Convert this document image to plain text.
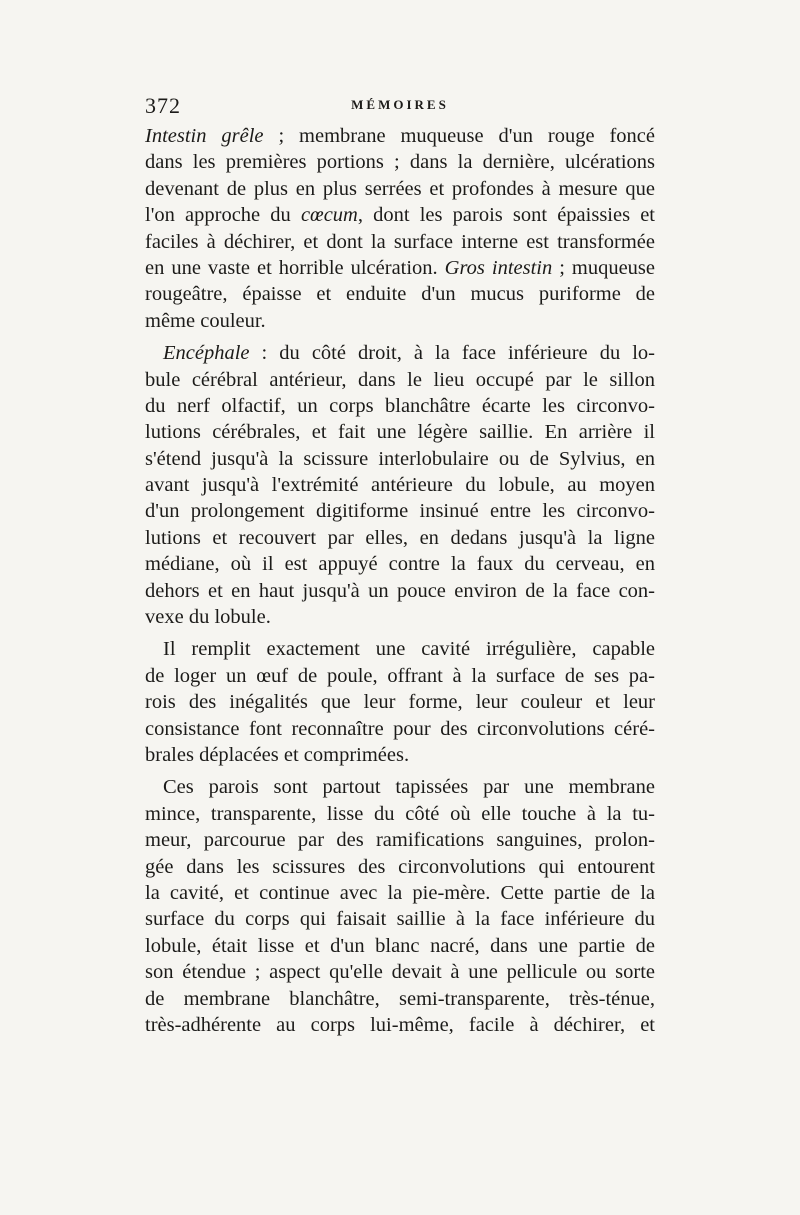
372	MÉMOIRES
Intestin grêle ; membrane muqueuse d'un rouge foncé
dans les premières portions ; dans la dernière, ulcérations
devenant de plus en plus serrées et profondes à mesure que
l'on approche du cœcum, dont les parois sont épaissies et
faciles à déchirer, et dont la surface interne est transformée
en une vaste et horrible ulcération. Gros intestin ; muqueuse
rougeâtre, épaisse et enduite d'un mucus puriforme de
même couleur.
Encéphale : du côté droit, à la face inférieure du lo-
bule cérébral antérieur, dans le lieu occupé par le sillon
du nerf olfactif, un corps blanchâtre écarte les circonvo-
lutions cérébrales, et fait une légère saillie. En arrière il
s'étend jusqu'à la scissure interlobulaire ou de Sylvius, en
avant jusqu'à l'extrémité antérieure du lobule, au moyen
d'un prolongement digitiforme insinué entre les circonvo-
lutions et recouvert par elles, en dedans jusqu'à la ligne
médiane, où il est appuyé contre la faux du cerveau, en
dehors et en haut jusqu'à un pouce environ de la face con-
vexe du lobule.
Il remplit exactement une cavité irrégulière, capable
de loger un œuf de poule, offrant à la surface de ses pa-
rois des inégalités que leur forme, leur couleur et leur
consistance font reconnaître pour des circonvolutions céré-
brales déplacées et comprimées.
Ces parois sont partout tapissées par une membrane
mince, transparente, lisse du côté où elle touche à la tu-
meur, parcourue par des ramifications sanguines, prolon-
gée dans les scissures des circonvolutions qui entourent
la cavité, et continue avec la pie-mère. Cette partie de la
surface du corps qui faisait saillie à la face inférieure du
lobule, était lisse et d'un blanc nacré, dans une partie de
son étendue ; aspect qu'elle devait à une pellicule ou sorte
de membrane blanchâtre, semi-transparente, très-ténue,
très-adhérente au corps lui-même, facile à déchirer, et
